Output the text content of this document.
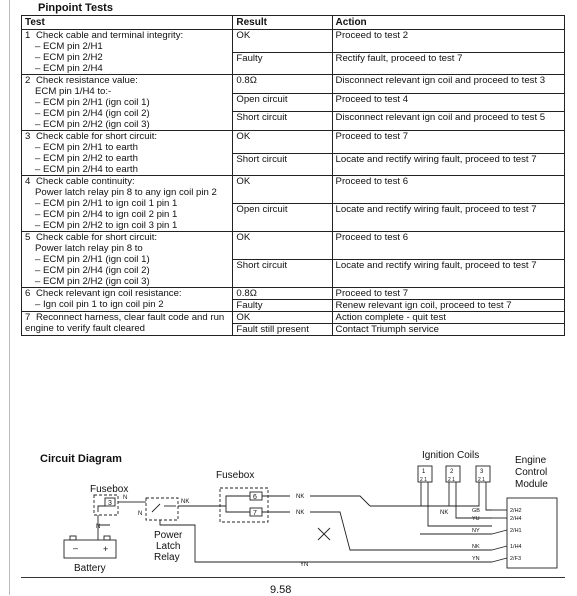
Pinpoint Tests
Test	Result	Action

1 Check cable and terminal integrity:
– ECM pin 2/H1
– ECM pin 2/H2
– ECM pin 2/H4	OK	Proceed to test 2
	Faulty	Rectify fault, proceed to test 7

2 Check resistance value:
ECM pin 1/H4 to:-
– ECM pin 2/H1 (ign coil 1)
– ECM pin 2/H4 (ign coil 2)
– ECM pin 2/H2 (ign coil 3)	0.8Ω	Disconnect relevant ign coil and proceed to test 3
	Open circuit	Proceed to test 4
	Short circuit	Disconnect relevant ign coil and proceed to test 5

3 Check cable for short circuit:
– ECM pin 2/H1 to earth
– ECM pin 2/H2 to earth
– ECM pin 2/H4 to earth	OK	Proceed to test 7
	Short circuit	Locate and rectify wiring fault, proceed to test 7

4 Check cable continuity:
Power latch relay pin 8 to any ign coil pin 2
– ECM pin 2/H1 to ign coil 1 pin 1
– ECM pin 2/H4 to ign coil 2 pin 1
– ECM pin 2/H2 to ign coil 3 pin 1	OK	Proceed to test 6
	Open circuit	Locate and rectify wiring fault, proceed to test 7

5 Check cable for short circuit:
Power latch relay pin 8 to
– ECM pin 2/H1 (ign coil 1)
– ECM pin 2/H4 (ign coil 2)
– ECM pin 2/H2 (ign coil 3)	OK	Proceed to test 6
	Short circuit	Locate and rectify wiring fault, proceed to test 7

6 Check relevant ign coil resistance:
– Ign coil pin 1 to ign coil pin 2	0.8Ω	Proceed to test 7
	Faulty	Renew relevant ign coil, proceed to test 7

7 Reconnect harness, clear fault code and run engine to verify fault cleared	OK	Action complete - quit test
	Fault still present	Contact Triumph service
Circuit Diagram	Ignition Coils	Engine
Control
Module
Fusebox
Fusebox
3
N
N
–	+
Battery
N
Power
Latch
Relay
NK
YN
6
7
NK
NK
1
2 1
2
2 1
3
2 1
NK	GB
YU
NY
NK
YN
2/H2
2/H4
2/H1
1/H4
2/F3
9.58
